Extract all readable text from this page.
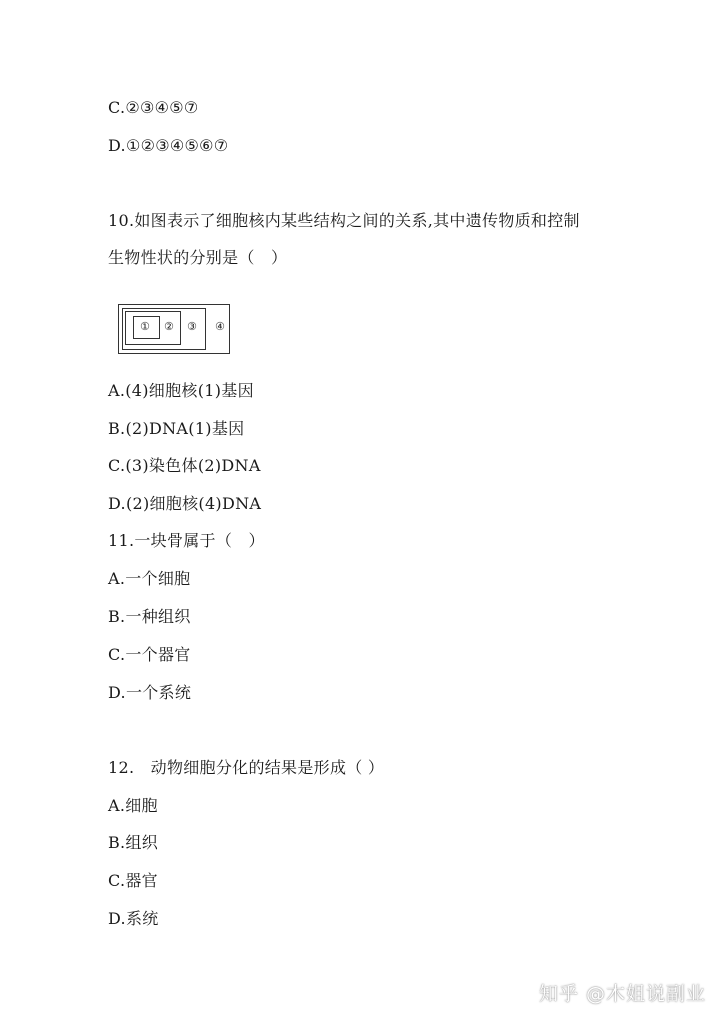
C.②③④⑤⑦
D.①②③④⑤⑥⑦
10.如图表示了细胞核内某些结构之间的关系,其中遗传物质和控制
生物性状的分别是（　）
① ② ③ ④
A.(4)细胞核(1)基因
B.(2)DNA(1)基因
C.(3)染色体(2)DNA
D.(2)细胞核(4)DNA
11.一块骨属于（　）
A.一个细胞
B.一种组织
C.一个器官
D.一个系统
12.　动物细胞分化的结果是形成（ ）
A.细胞
B.组织
C.器官
D.系统
知乎 @木姐说副业
